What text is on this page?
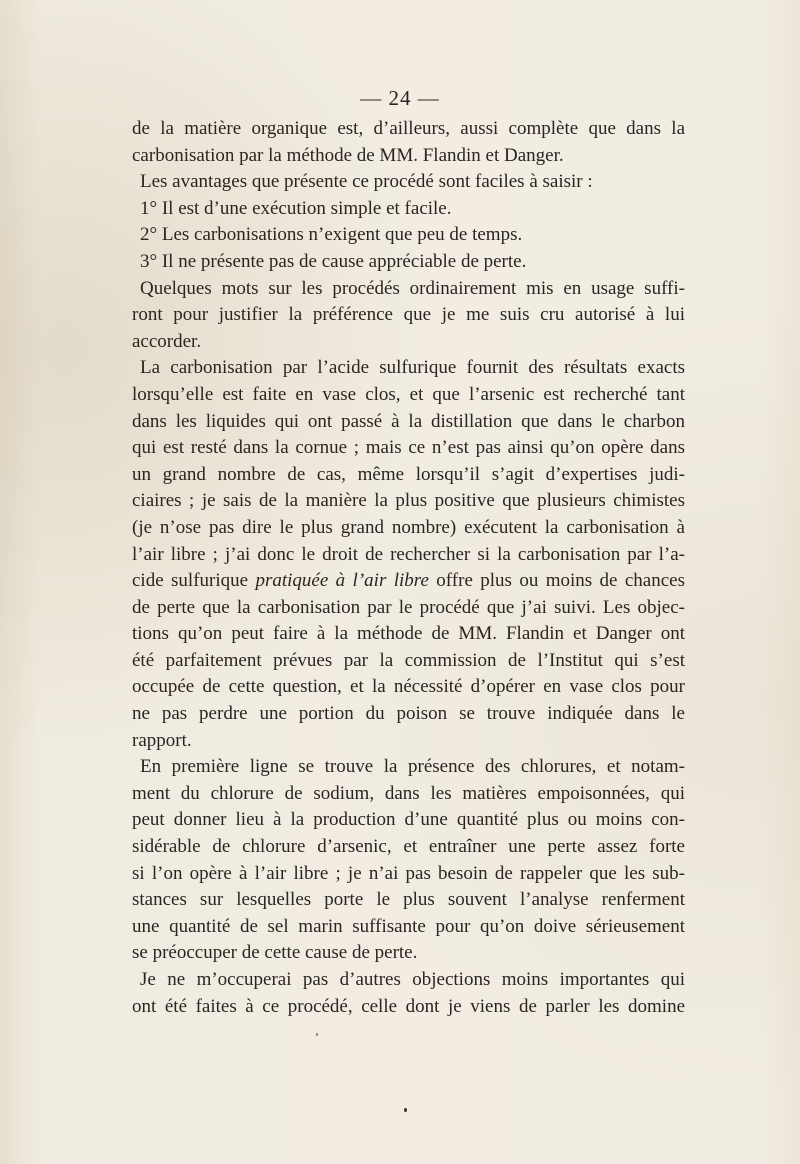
— 24 —
de la matière organique est, d’ailleurs, aussi complète que dans la
carbonisation par la méthode de MM. Flandin et Danger.
Les avantages que présente ce procédé sont faciles à saisir :
1° Il est d’une exécution simple et facile.
2° Les carbonisations n’exigent que peu de temps.
3° Il ne présente pas de cause appréciable de perte.
Quelques mots sur les procédés ordinairement mis en usage suffi-
ront pour justifier la préférence que je me suis cru autorisé à lui
accorder.
La carbonisation par l’acide sulfurique fournit des résultats exacts
lorsqu’elle est faite en vase clos, et que l’arsenic est recherché tant
dans les liquides qui ont passé à la distillation que dans le charbon
qui est resté dans la cornue ; mais ce n’est pas ainsi qu’on opère dans
un grand nombre de cas, même lorsqu’il s’agit d’expertises judi-
ciaires ; je sais de la manière la plus positive que plusieurs chimistes
(je n’ose pas dire le plus grand nombre) exécutent la carbonisation à
l’air libre ; j’ai donc le droit de rechercher si la carbonisation par l’a-
cide sulfurique pratiquée à l’air libre offre plus ou moins de chances
de perte que la carbonisation par le procédé que j’ai suivi. Les objec-
tions qu’on peut faire à la méthode de MM. Flandin et Danger ont
été parfaitement prévues par la commission de l’Institut qui s’est
occupée de cette question, et la nécessité d’opérer en vase clos pour
ne pas perdre une portion du poison se trouve indiquée dans le
rapport.
En première ligne se trouve la présence des chlorures, et notam-
ment du chlorure de sodium, dans les matières empoisonnées, qui
peut donner lieu à la production d’une quantité plus ou moins con-
sidérable de chlorure d’arsenic, et entraîner une perte assez forte
si l’on opère à l’air libre ; je n’ai pas besoin de rappeler que les sub-
stances sur lesquelles porte le plus souvent l’analyse renferment
une quantité de sel marin suffisante pour qu’on doive sérieusement
se préoccuper de cette cause de perte.
Je ne m’occuperai pas d’autres objections moins importantes qui
ont été faites à ce procédé, celle dont je viens de parler les domine
